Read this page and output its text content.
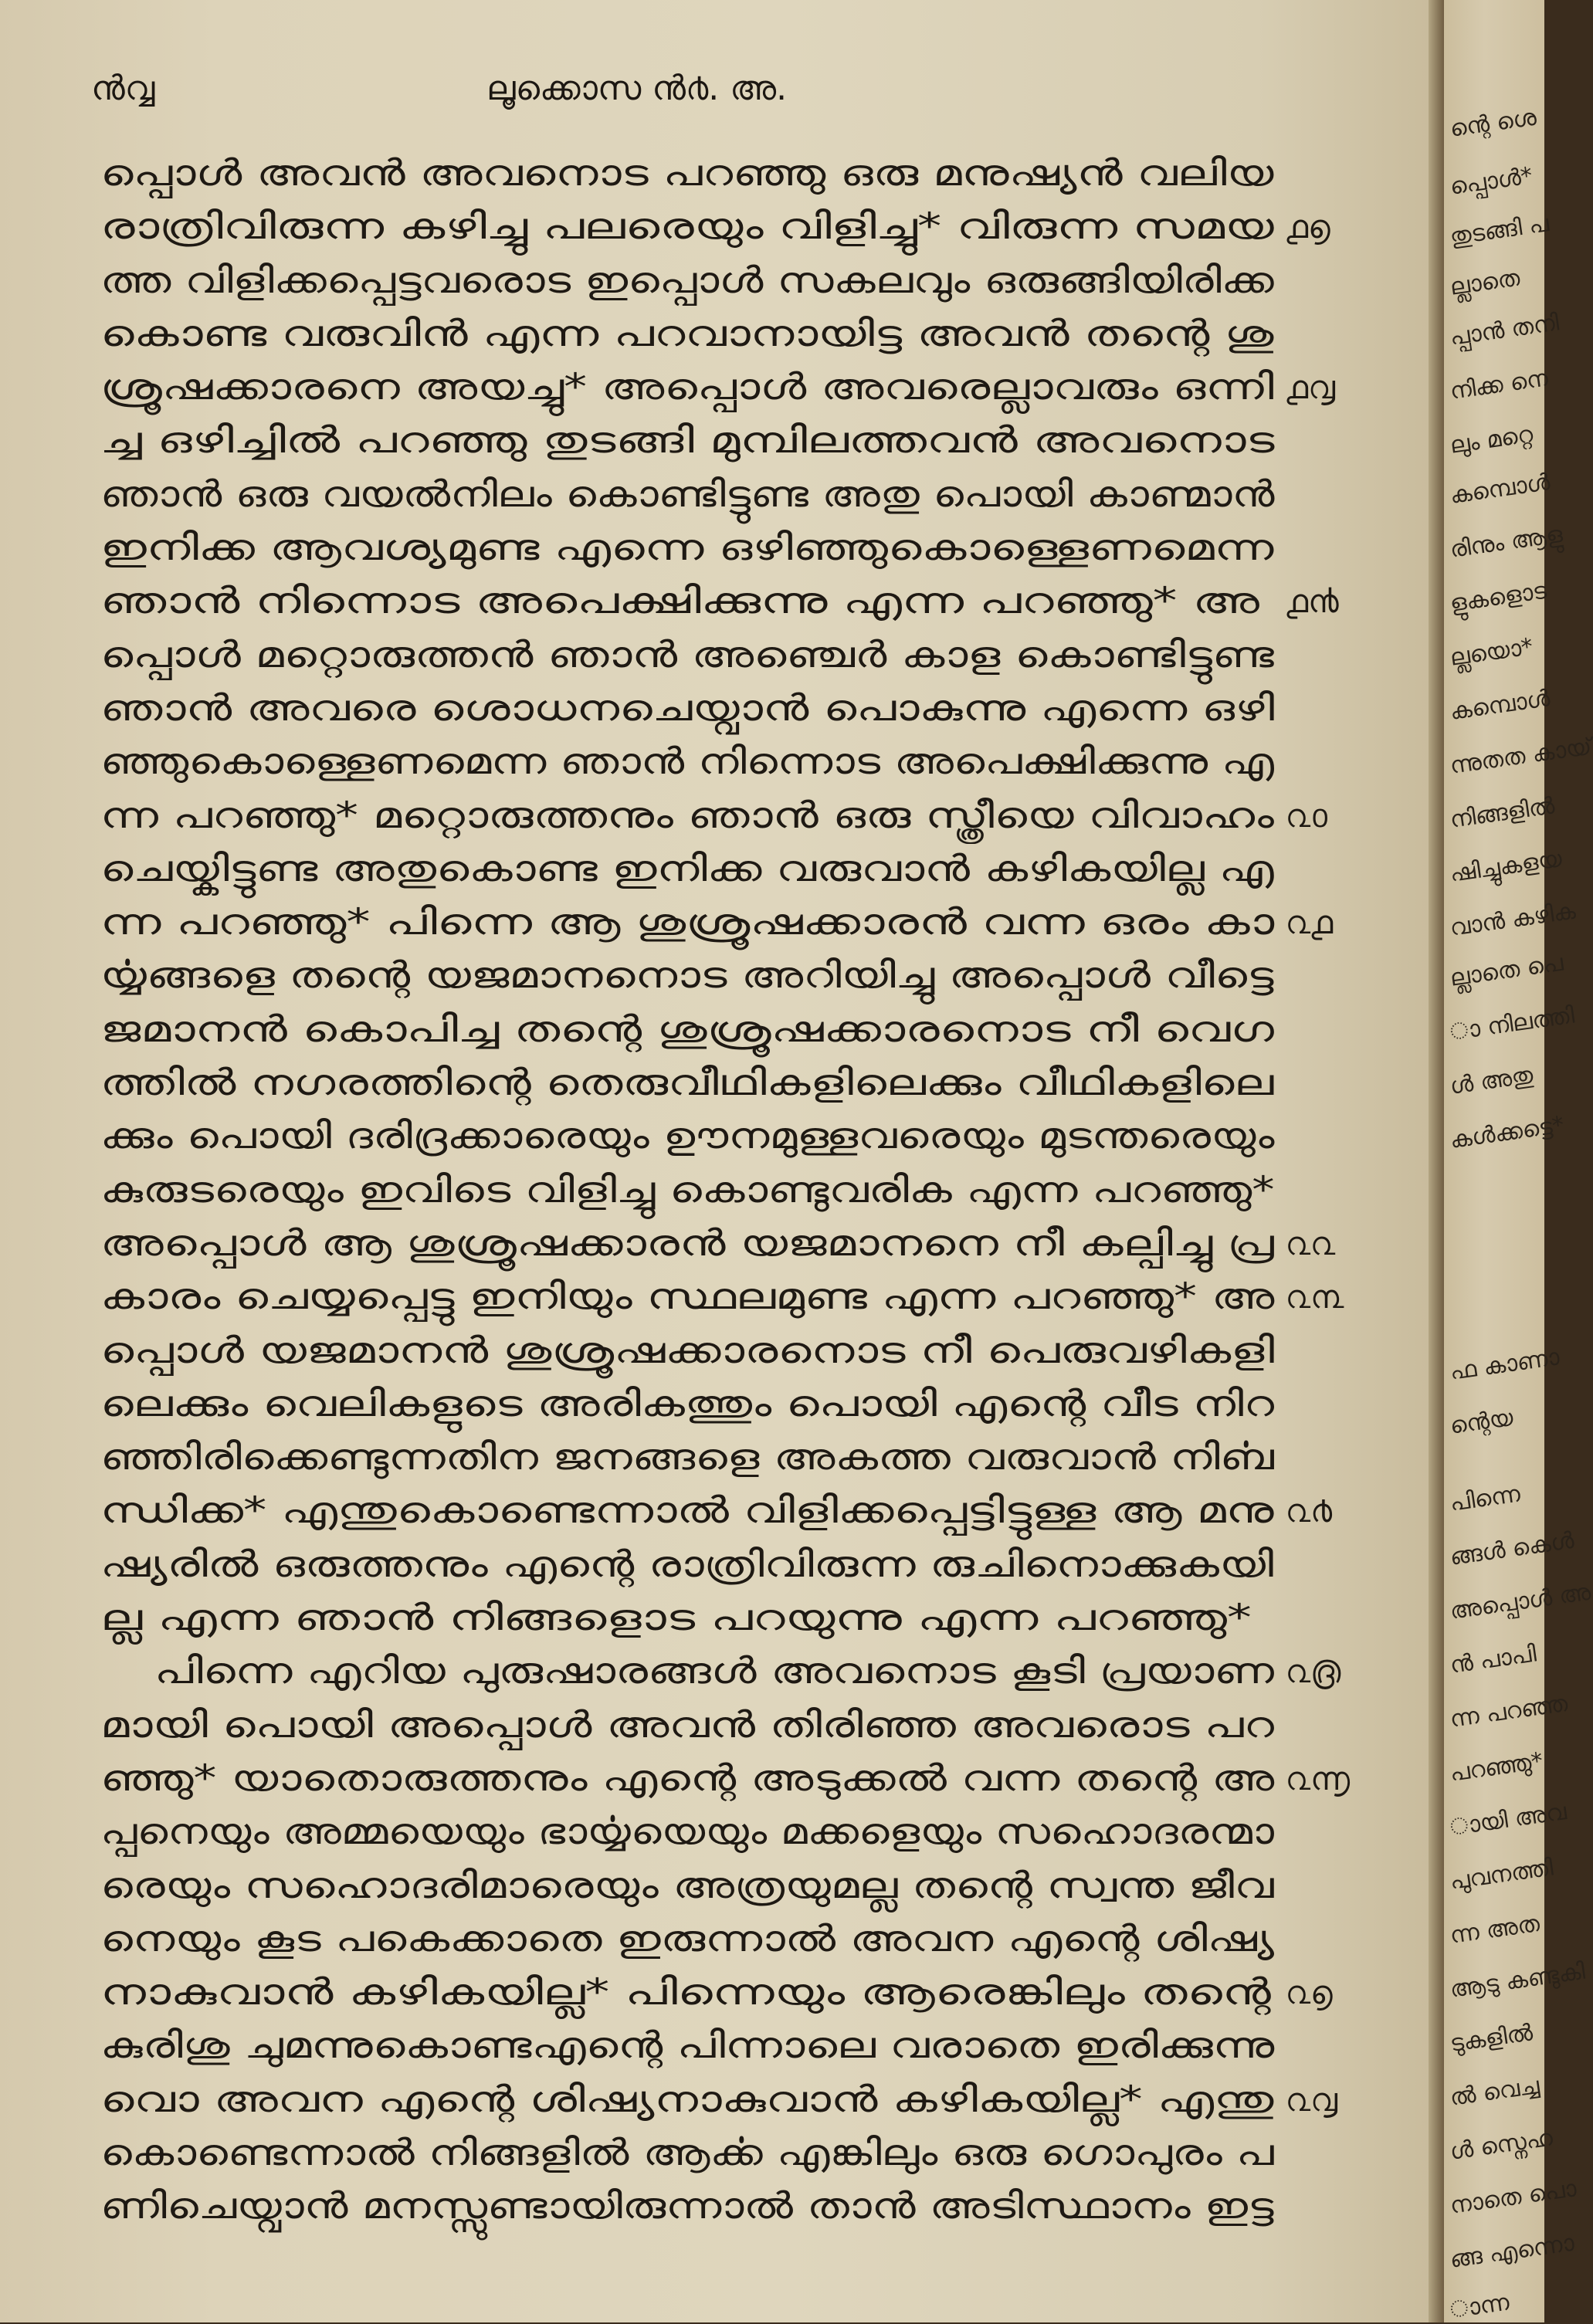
ൻവ്വ	ലൂക്കൊസ ൻ൪. അ.
പ്പൊൾ അവൻ അവനൊട പറഞ്ഞു ഒരു മനുഷ്യൻ വലിയ
രാത്രിവിരുന്ന കഴിച്ചു പലരെയും വിളിച്ചു* വിരുന്ന സമയ
ത്ത വിളിക്കപ്പെട്ടവരൊട ഇപ്പൊൾ സകലവും ഒരുങ്ങിയിരിക്ക
കൊണ്ട വരുവിൻ എന്ന പറവാനായിട്ട അവൻ തന്റെ ശു
ശ്രൂഷക്കാരനെ അയച്ചു* അപ്പൊൾ അവരെല്ലാവരും ഒന്നി
ച്ച ഒഴിച്ചിൽ പറഞ്ഞു തുടങ്ങി മുമ്പിലത്തവൻ അവനൊട
ഞാൻ ഒരു വയൽനിലം കൊണ്ടിട്ടുണ്ട അതു പൊയി കാണ്മാൻ
ഇനിക്ക ആവശ്യമുണ്ട എന്നെ ഒഴിഞ്ഞുകൊള്ളെണമെന്ന
ഞാൻ നിന്നൊട അപെക്ഷിക്കുന്നു എന്ന പറഞ്ഞു* അ
പ്പൊൾ മറ്റൊരുത്തൻ ഞാൻ അഞ്ചെർ കാള കൊണ്ടിട്ടുണ്ട
ഞാൻ അവരെ ശൊധനചെയ്വാൻ പൊകുന്നു എന്നെ ഒഴി
ഞ്ഞുകൊള്ളെണമെന്ന ഞാൻ നിന്നൊട അപെക്ഷിക്കുന്നു എ
ന്ന പറഞ്ഞു* മറ്റൊരുത്തനും ഞാൻ ഒരു സ്ത്രീയെ വിവാഹം
ചെയ്കിട്ടുണ്ട അതുകൊണ്ട ഇനിക്ക വരുവാൻ കഴികയില്ല എ
ന്ന പറഞ്ഞു* പിന്നെ ആ ശുശ്രൂഷക്കാരൻ വന്ന ഒരം കാ
ൎയ്യങ്ങളെ തന്റെ യജമാനനൊട അറിയിച്ചു അപ്പൊൾ വീട്ടെ
ജമാനൻ കൊപിച്ച തന്റെ ശുശ്രൂഷക്കാരനൊട നീ വെഗ
ത്തിൽ നഗരത്തിന്റെ തെരുവീഥികളിലെക്കും വീഥികളിലെ
ക്കും പൊയി ദരിദ്രക്കാരെയും ഊനമുള്ളവരെയും മുടന്തരെയും
കുരുടരെയും ഇവിടെ വിളിച്ചു കൊണ്ടുവരിക എന്ന പറഞ്ഞു*
അപ്പൊൾ ആ ശുശ്രൂഷക്കാരൻ യജമാനനെ നീ കല്പിച്ചു പ്ര
കാരം ചെയ്യപ്പെട്ടു ഇനിയും സ്ഥലമുണ്ട എന്ന പറഞ്ഞു* അ
പ്പൊൾ യജമാനൻ ശുശ്രൂഷക്കാരനൊട നീ പെരുവഴികളി
ലെക്കും വെലികളുടെ അരികത്തും പൊയി എന്റെ വീട നിറ
ഞ്ഞിരിക്കെണ്ടുന്നതിന ജനങ്ങളെ അകത്ത വരുവാൻ നിൎബ
ന്ധിക്ക* എന്തുകൊണ്ടെന്നാൽ വിളിക്കപ്പെട്ടിട്ടുള്ള ആ മനു
ഷ്യരിൽ ഒരുത്തനും എന്റെ രാത്രിവിരുന്ന രുചിനൊക്കുകയി
ല്ല എന്ന ഞാൻ നിങ്ങളൊട പറയുന്നു എന്ന പറഞ്ഞു*
പിന്നെ എറിയ പുരുഷാരങ്ങൾ അവനൊട കൂടി പ്രയാണ
മായി പൊയി അപ്പൊൾ അവൻ തിരിഞ്ഞ അവരൊട പറ
ഞ്ഞു* യാതൊരുത്തനും എന്റെ അടുക്കൽ വന്ന തന്റെ അ
പ്പനെയും അമ്മയെയും ഭാൎയ്യയെയും മക്കളെയും സഹൊദരന്മാ
രെയും സഹൊദരിമാരെയും അത്രയുമല്ല തന്റെ സ്വന്ത ജീവ
നെയും കൂട പകെക്കാതെ ഇരുന്നാൽ അവന എന്റെ ശിഷ്യ
നാകുവാൻ കഴികയില്ല* പിന്നെയും ആരെങ്കിലും തന്റെ
കുരിശു ചുമന്നുകൊണ്ടഎന്റെ പിന്നാലെ വരാതെ ഇരിക്കുന്നു
വൊ അവന എന്റെ ശിഷ്യനാകുവാൻ കഴികയില്ല* എന്തു
കൊണ്ടെന്നാൽ നിങ്ങളിൽ ആൎക്ക എങ്കിലും ഒരു ഗൊപുരം പ
ണിചെയ്വാൻ മനസ്സുണ്ടായിരുന്നാൽ താൻ അടിസ്ഥാനം ഇട്ട
൧൭
൧൮
൧൯
൨൦
൨൧
൨൨
൨൩
൨൪
൨൫
൨൬
൨൭
൨൮
ന്റെ ശെ
പ്പൊൾ*
തുടങ്ങി പ
ല്ലാതെ
പ്പാൻ തനി
നിക്ക നെ
ലും മറ്റെ
കമ്പൊൾ
രിനും ആളു
ളുകളൊട
ല്ലയൊ*
കമ്പൊൾ
ന്നുതത കായ്
നിങ്ങളിൽ
ഷിച്ചുകളയ
വാൻ കഴിക
ല്ലാതെ പെ
ാ നിലത്തി
ൾ അതു
കൾക്കട്ടെ*
ഫ കാണാ
ന്റെയ
പിന്നെ
ങ്ങൾ കെൾ
അപ്പൊൾ അ
ൻ പാപി
ന്ന പറഞ്ഞ
പറഞ്ഞു*
ായി അവ
പുവനത്തി
ന്ന അത
ആടു കണ്ടുകി
ടുകളിൽ
ൽ വെച്ച
ൾ സ്നെഹ
നാതെ പൊ
ങ്ങ എന്നൊ
ാന്ന
